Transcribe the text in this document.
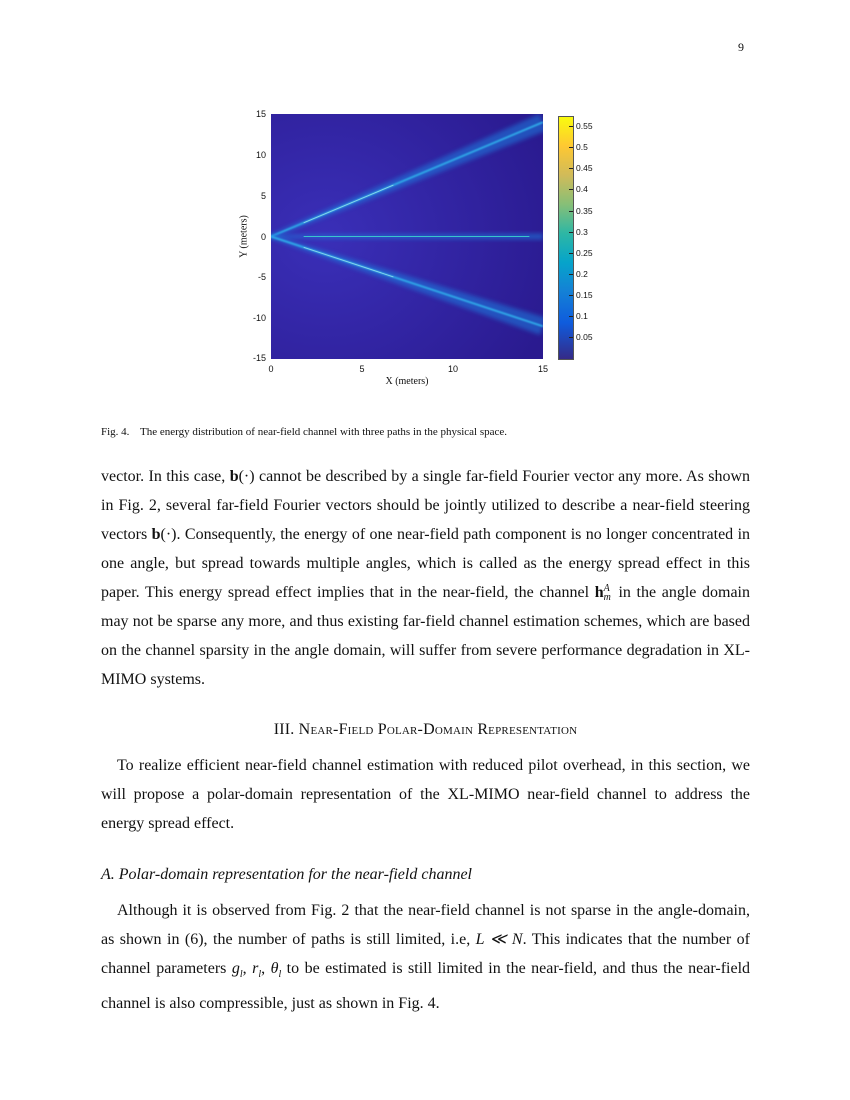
9
15
10
5
0
-5
-10
-15
0	5	10	15
Y (meters)
X (meters)
0.55
0.5
0.45
0.4
0.35
0.3
0.25
0.2
0.15
0.1
0.05
Fig. 4. The energy distribution of near-field channel with three paths in the physical space.
vector. In this case, b(·) cannot be described by a single far-field Fourier vector any more. As shown in Fig. 2, several far-field Fourier vectors should be jointly utilized to describe a near-field steering vectors b(·). Consequently, the energy of one near-field path component is no longer concentrated in one angle, but spread towards multiple angles, which is called as the energy spread effect in this paper. This energy spread effect implies that in the near-field, the channel h A
m in the angle domain may not be sparse any more, and thus existing far-field channel estimation schemes, which are based on the channel sparsity in the angle domain, will suffer from severe performance degradation in XL-MIMO systems.
III. Near-Field Polar-Domain Representation
To realize efficient near-field channel estimation with reduced pilot overhead, in this section, we will propose a polar-domain representation of the XL-MIMO near-field channel to address the energy spread effect.
A. Polar-domain representation for the near-field channel
Although it is observed from Fig. 2 that the near-field channel is not sparse in the angle-domain, as shown in (6), the number of paths is still limited, i.e, L ≪ N. This indicates that the number of channel parameters $g_l$, $r_l$, $\theta_l$ to be estimated is still limited in the near-field, and thus the near-field channel is also compressible, just as shown in Fig. 4.
